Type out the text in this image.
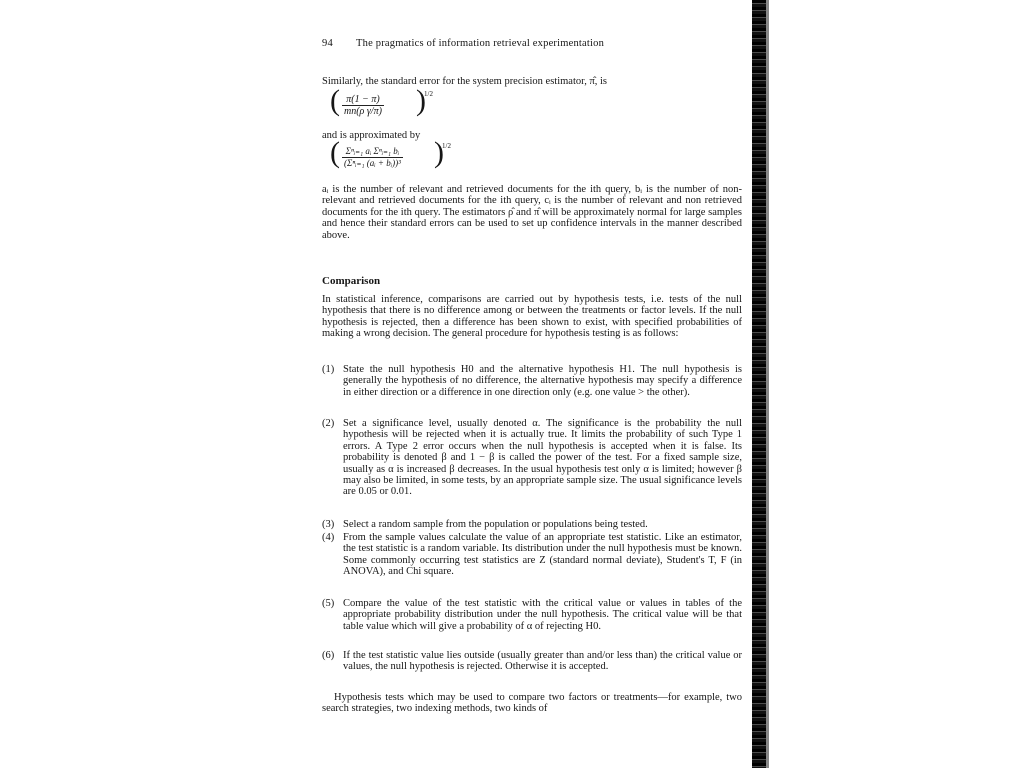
94 The pragmatics of information retrieval experimentation
Similarly, the standard error for the system precision estimator, π̂, is
( $\frac{\pi(1 - \pi)}{\text{mn(ρ γ/π)}}$ )
1/2
and is approximated by
( Σⁿᵢ₌₁ aᵢ Σⁿᵢ₌₁ bᵢ
(Σⁿᵢ₌₁ (aᵢ + bᵢ))³ )
1/2
aᵢ is the number of relevant and retrieved documents for the ith query, bᵢ is the number of non-relevant and retrieved documents for the ith query, cᵢ is the number of relevant and non retrieved documents for the ith query. The estimators ρ̂ and π̂ will be approximately normal for large samples and hence their standard errors can be used to set up confidence intervals in the manner described above.
Comparison
In statistical inference, comparisons are carried out by hypothesis tests, i.e. tests of the null hypothesis that there is no difference among or between the treatments or factor levels. If the null hypothesis is rejected, then a difference has been shown to exist, with specified probabilities of making a wrong decision. The general procedure for hypothesis testing is as follows:
(1) State the null hypothesis H0 and the alternative hypothesis H1. The null hypothesis is generally the hypothesis of no difference, the alternative hypothesis may specify a difference in either direction or a difference in one direction only (e.g. one value > the other).
(2) Set a significance level, usually denoted α. The significance is the probability the null hypothesis will be rejected when it is actually true. It limits the probability of such Type 1 errors. A Type 2 error occurs when the null hypothesis is accepted when it is false. Its probability is denoted β and 1 − β is called the power of the test. For a fixed sample size, usually as α is increased β decreases. In the usual hypothesis test only α is limited; however β may also be limited, in some tests, by an appropriate sample size. The usual significance levels are 0.05 or 0.01.
(3) Select a random sample from the population or populations being tested.
(4) From the sample values calculate the value of an appropriate test statistic. Like an estimator, the test statistic is a random variable. Its distribution under the null hypothesis must be known. Some commonly occurring test statistics are Z (standard normal deviate), Student's T, F (in ANOVA), and Chi square.
(5) Compare the value of the test statistic with the critical value or values in tables of the appropriate probability distribution under the null hypothesis. The critical value will be that table value which will give a probability of α of rejecting H0.
(6) If the test statistic value lies outside (usually greater than and/or less than) the critical value or values, the null hypothesis is rejected. Otherwise it is accepted.
Hypothesis tests which may be used to compare two factors or treatments—for example, two search strategies, two indexing methods, two kinds of
